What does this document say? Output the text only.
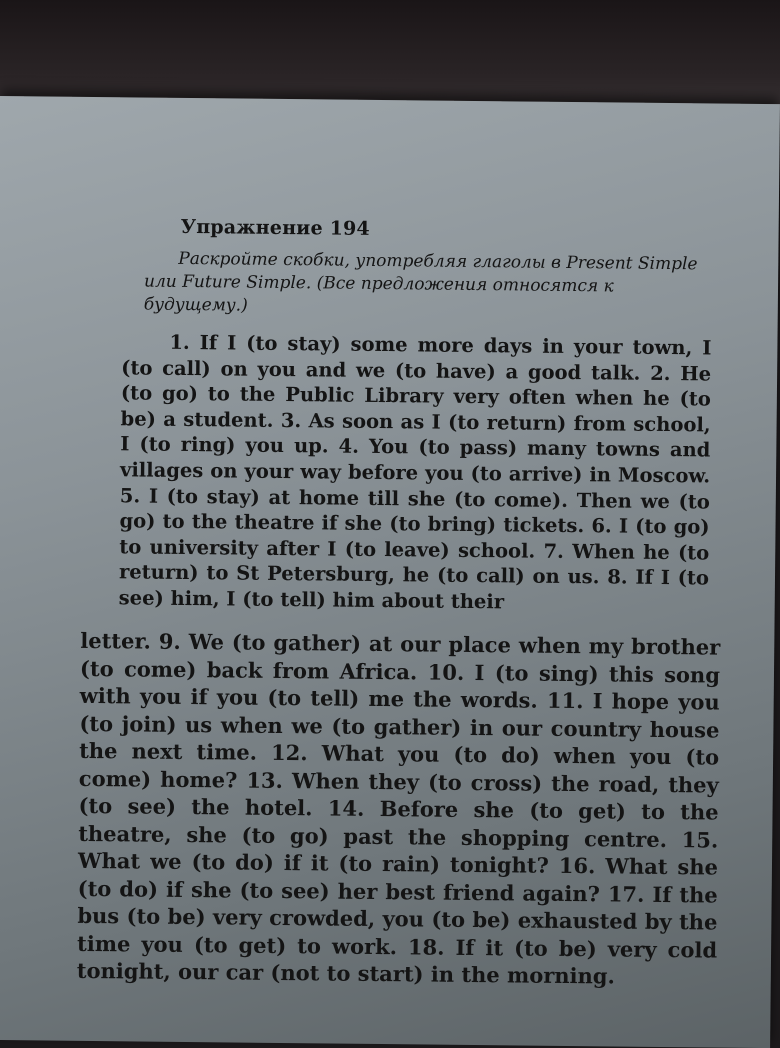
Упражнение 194
Раскройте скобки, употребляя глаголы в Present Simple или Future Simple. (Все предложения относятся к будущему.)
1. If I (to stay) some more days in your town, I (to call) on you and we (to have) a good talk. 2. He (to go) to the Public Library very often when he (to be) a student. 3. As soon as I (to return) from school, I (to ring) you up. 4. You (to pass) many towns and villages on your way before you (to arrive) in Moscow. 5. I (to stay) at home till she (to come). Then we (to go) to the theatre if she (to bring) tickets. 6. I (to go) to university after I (to leave) school. 7. When he (to return) to St Petersburg, he (to call) on us. 8. If I (to see) him, I (to tell) him about their
letter. 9. We (to gather) at our place when my brother (to come) back from Africa. 10. I (to sing) this song with you if you (to tell) me the words. 11. I hope you (to join) us when we (to gather) in our country house the next time. 12. What you (to do) when you (to come) home? 13. When they (to cross) the road, they (to see) the hotel. 14. Before she (to get) to the theatre, she (to go) past the shopping centre. 15. What we (to do) if it (to rain) tonight? 16. What she (to do) if she (to see) her best friend again? 17. If the bus (to be) very crowded, you (to be) exhausted by the time you (to get) to work. 18. If it (to be) very cold tonight, our car (not to start) in the morning.
